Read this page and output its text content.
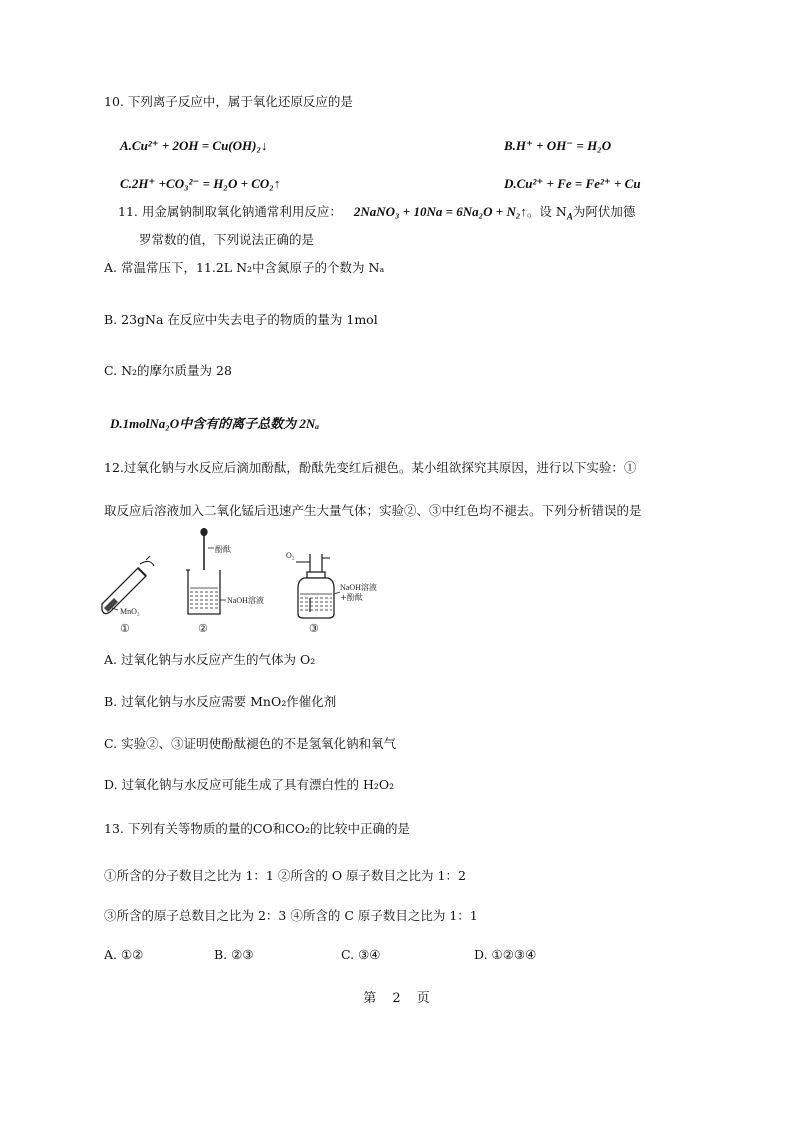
10. 下列离子反应中，属于氧化还原反应的是
A.Cu²⁺ + 2OH = Cu(OH)₂↓	B.H⁺ + OH⁻ = H₂O
C.2H⁺ +CO₃²⁻ = H₂O + CO₂↑	D.Cu²⁺ + Fe = Fe²⁺ + Cu
11. 用金属钠制取氧化钠通常利用反应： 2NaNO₃ + 10Na = 6Na₂O + N₂↑。设 $N_A$为阿伏加德
罗常数的值，下列说法正确的是
A. 常温常压下，11.2L N₂中含氮原子的个数为 Nₐ
B. 23gNa 在反应中失去电子的物质的量为 1mol
C. N₂的摩尔质量为 28
D.1molNa₂O中含有的离子总数为 2Nₐ
12.过氧化钠与水反应后滴加酚酞，酚酞先变红后褪色。某小组欲探究其原因，进行以下实验：①
取反应后溶液加入二氧化锰后迅速产生大量气体；实验②、③中红色均不褪去。下列分析错误的是
MnO₂
①
酚酞
NaOH溶液
②
O₂
NaOH溶液
+酚酞
③
A. 过氧化钠与水反应产生的气体为 O₂
B. 过氧化钠与水反应需要 MnO₂作催化剂
C. 实验②、③证明使酚酞褪色的不是氢氧化钠和氧气
D. 过氧化钠与水反应可能生成了具有漂白性的 H₂O₂
13. 下列有关等物质的量的CO和CO₂的比较中正确的是
①所含的分子数目之比为 1：1 ②所含的 O 原子数目之比为 1：2
③所含的原子总数目之比为 2：3 ④所含的 C 原子数目之比为 1：1
A. ①②	B. ②③	C. ③④	D. ①②③④
第 2 页
